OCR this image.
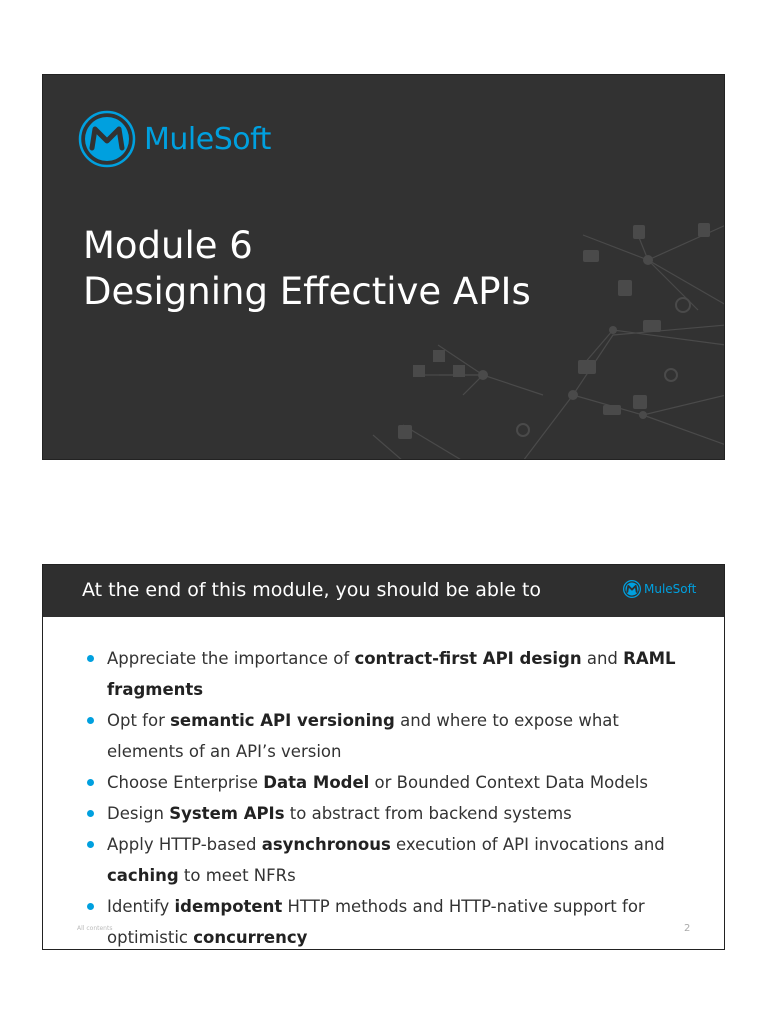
MuleSoft
Module 6
Designing Effective APIs
At the end of this module, you should be able to	MuleSoft
Appreciate the importance of contract-first API design and RAML fragments
Opt for semantic API versioning and where to expose what elements of an API’s version
Choose Enterprise Data Model or Bounded Context Data Models
Design System APIs to abstract from backend systems
Apply HTTP-based asynchronous execution of API invocations and caching to meet NFRs
Identify idempotent HTTP methods and HTTP-native support for optimistic concurrency
All contents	2
